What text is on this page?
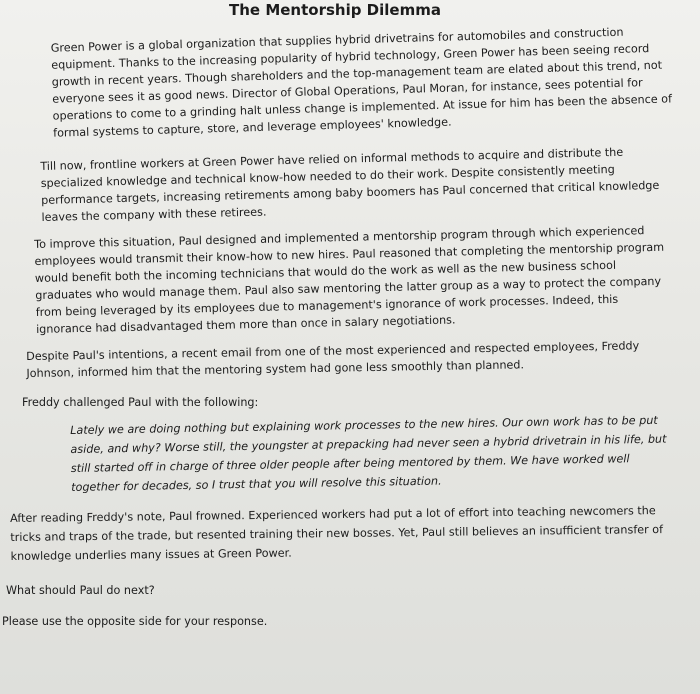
The Mentorship Dilemma

Green Power is a global organization that supplies hybrid drivetrains for automobiles and construction equipment. Thanks to the increasing popularity of hybrid technology, Green Power has been seeing record growth in recent years. Though shareholders and the top-management team are elated about this trend, not everyone sees it as good news. Director of Global Operations, Paul Moran, for instance, sees potential for operations to come to a grinding halt unless change is implemented. At issue for him has been the absence of formal systems to capture, store, and leverage employees' knowledge.

Till now, frontline workers at Green Power have relied on informal methods to acquire and distribute the specialized knowledge and technical know-how needed to do their work. Despite consistently meeting performance targets, increasing retirements among baby boomers has Paul concerned that critical knowledge leaves the company with these retirees.

To improve this situation, Paul designed and implemented a mentorship program through which experienced employees would transmit their know-how to new hires. Paul reasoned that completing the mentorship program would benefit both the incoming technicians that would do the work as well as the new business school graduates who would manage them. Paul also saw mentoring the latter group as a way to protect the company from being leveraged by its employees due to management's ignorance of work processes. Indeed, this ignorance had disadvantaged them more than once in salary negotiations.

Despite Paul's intentions, a recent email from one of the most experienced and respected employees, Freddy Johnson, informed him that the mentoring system had gone less smoothly than planned.

Freddy challenged Paul with the following:

Lately we are doing nothing but explaining work processes to the new hires. Our own work has to be put aside, and why? Worse still, the youngster at prepacking had never seen a hybrid drivetrain in his life, but still started off in charge of three older people after being mentored by them. We have worked well together for decades, so I trust that you will resolve this situation.

After reading Freddy's note, Paul frowned. Experienced workers had put a lot of effort into teaching newcomers the tricks and traps of the trade, but resented training their new bosses. Yet, Paul still believes an insufficient transfer of knowledge underlies many issues at Green Power.

What should Paul do next?

Please use the opposite side for your response.
